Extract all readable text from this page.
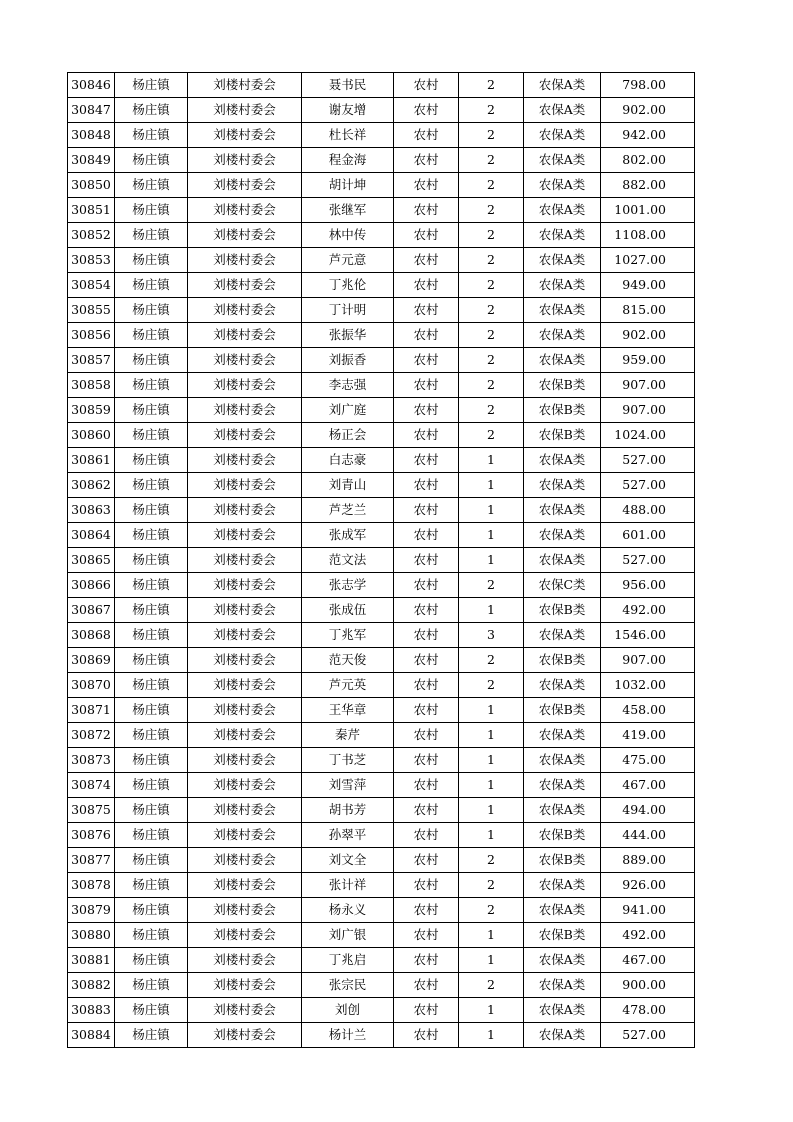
30846	杨庄镇	刘楼村委会	聂书民	农村	2	农保A类	798.00
30847	杨庄镇	刘楼村委会	谢友增	农村	2	农保A类	902.00
30848	杨庄镇	刘楼村委会	杜长祥	农村	2	农保A类	942.00
30849	杨庄镇	刘楼村委会	程金海	农村	2	农保A类	802.00
30850	杨庄镇	刘楼村委会	胡计坤	农村	2	农保A类	882.00
30851	杨庄镇	刘楼村委会	张继军	农村	2	农保A类	1001.00
30852	杨庄镇	刘楼村委会	林中传	农村	2	农保A类	1108.00
30853	杨庄镇	刘楼村委会	芦元意	农村	2	农保A类	1027.00
30854	杨庄镇	刘楼村委会	丁兆伦	农村	2	农保A类	949.00
30855	杨庄镇	刘楼村委会	丁计明	农村	2	农保A类	815.00
30856	杨庄镇	刘楼村委会	张振华	农村	2	农保A类	902.00
30857	杨庄镇	刘楼村委会	刘振香	农村	2	农保A类	959.00
30858	杨庄镇	刘楼村委会	李志强	农村	2	农保B类	907.00
30859	杨庄镇	刘楼村委会	刘广庭	农村	2	农保B类	907.00
30860	杨庄镇	刘楼村委会	杨正会	农村	2	农保B类	1024.00
30861	杨庄镇	刘楼村委会	白志豪	农村	1	农保A类	527.00
30862	杨庄镇	刘楼村委会	刘青山	农村	1	农保A类	527.00
30863	杨庄镇	刘楼村委会	芦芝兰	农村	1	农保A类	488.00
30864	杨庄镇	刘楼村委会	张成军	农村	1	农保A类	601.00
30865	杨庄镇	刘楼村委会	范文法	农村	1	农保A类	527.00
30866	杨庄镇	刘楼村委会	张志学	农村	2	农保C类	956.00
30867	杨庄镇	刘楼村委会	张成伍	农村	1	农保B类	492.00
30868	杨庄镇	刘楼村委会	丁兆军	农村	3	农保A类	1546.00
30869	杨庄镇	刘楼村委会	范天俊	农村	2	农保B类	907.00
30870	杨庄镇	刘楼村委会	芦元英	农村	2	农保A类	1032.00
30871	杨庄镇	刘楼村委会	王华章	农村	1	农保B类	458.00
30872	杨庄镇	刘楼村委会	秦芹	农村	1	农保A类	419.00
30873	杨庄镇	刘楼村委会	丁书芝	农村	1	农保A类	475.00
30874	杨庄镇	刘楼村委会	刘雪萍	农村	1	农保A类	467.00
30875	杨庄镇	刘楼村委会	胡书芳	农村	1	农保A类	494.00
30876	杨庄镇	刘楼村委会	孙翠平	农村	1	农保B类	444.00
30877	杨庄镇	刘楼村委会	刘文全	农村	2	农保B类	889.00
30878	杨庄镇	刘楼村委会	张计祥	农村	2	农保A类	926.00
30879	杨庄镇	刘楼村委会	杨永义	农村	2	农保A类	941.00
30880	杨庄镇	刘楼村委会	刘广银	农村	1	农保B类	492.00
30881	杨庄镇	刘楼村委会	丁兆启	农村	1	农保A类	467.00
30882	杨庄镇	刘楼村委会	张宗民	农村	2	农保A类	900.00
30883	杨庄镇	刘楼村委会	刘创	农村	1	农保A类	478.00
30884	杨庄镇	刘楼村委会	杨计兰	农村	1	农保A类	527.00
